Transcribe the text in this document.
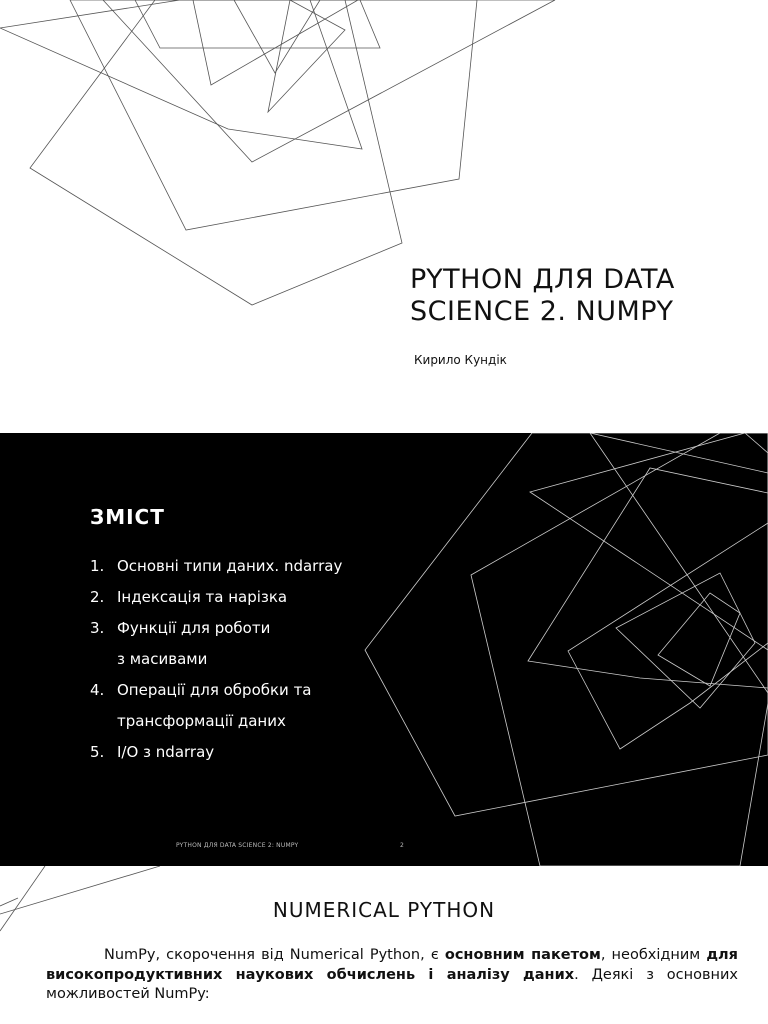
PYTHON ДЛЯ DATA
SCIENCE 2. NUMPY
Кирило Кундік
ЗМІСТ
1. Основні типи даних. ndarray
2. Індексація та нарізка
3. Функції для роботи
з масивами
4. Операції для обробки та
трансформації даних
5. I/O з ndarray
PYTHON ДЛЯ DATA SCIENCE 2: NUMPY	2
NUMERICAL PYTHON

NumPy, скорочення від Numerical Python, є основним пакетом, необхідним для високопродуктивних наукових обчислень і аналізу даних. Деякі з основних можливостей NumPy:
